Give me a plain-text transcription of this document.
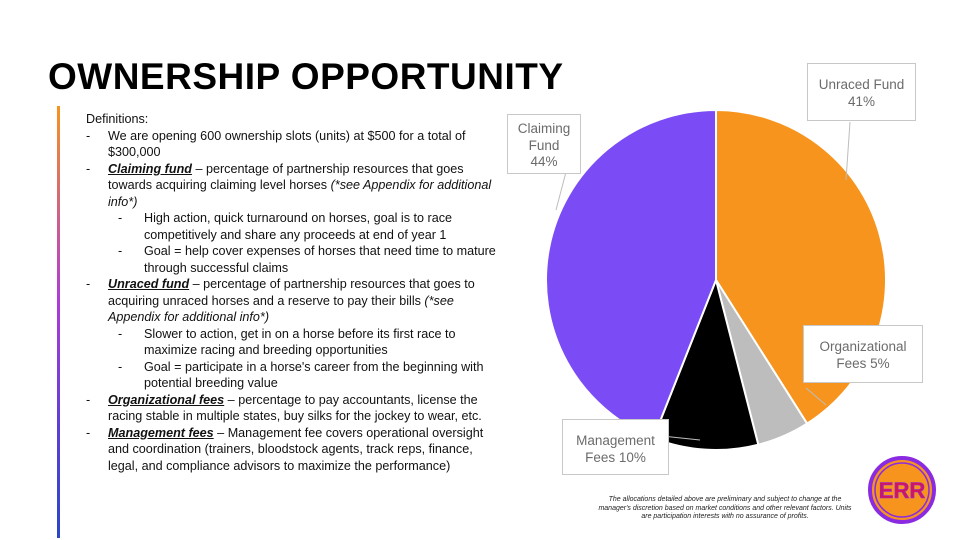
OWNERSHIP OPPORTUNITY
Definitions:
- We are opening 600 ownership slots (units) at $500 for a total of $300,000
- Claiming fund – percentage of partnership resources that goes towards acquiring claiming level horses (*see Appendix for additional info*)
- High action, quick turnaround on horses, goal is to race competitively and share any proceeds at end of year 1
- Goal = help cover expenses of horses that need time to mature through successful claims
- Unraced fund – percentage of partnership resources that goes to acquiring unraced horses and a reserve to pay their bills (*see Appendix for additional info*)
- Slower to action, get in on a horse before its first race to maximize racing and breeding opportunities
- Goal = participate in a horse's career from the beginning with potential breeding value
- Organizational fees – percentage to pay accountants, license the racing stable in multiple states, buy silks for the jockey to wear, etc.
- Management fees – Management fee covers operational oversight and coordination (trainers, bloodstock agents, track reps, finance, legal, and compliance advisors to maximize the performance)
Unraced Fund
41%
Claiming
Fund
44%
Organizational
Fees 5%
Management
Fees 10%
The allocations detailed above are preliminary and subject to change at the manager's discretion based on market conditions and other relevant factors. Units are participation interests with no assurance of profits.
ERR
